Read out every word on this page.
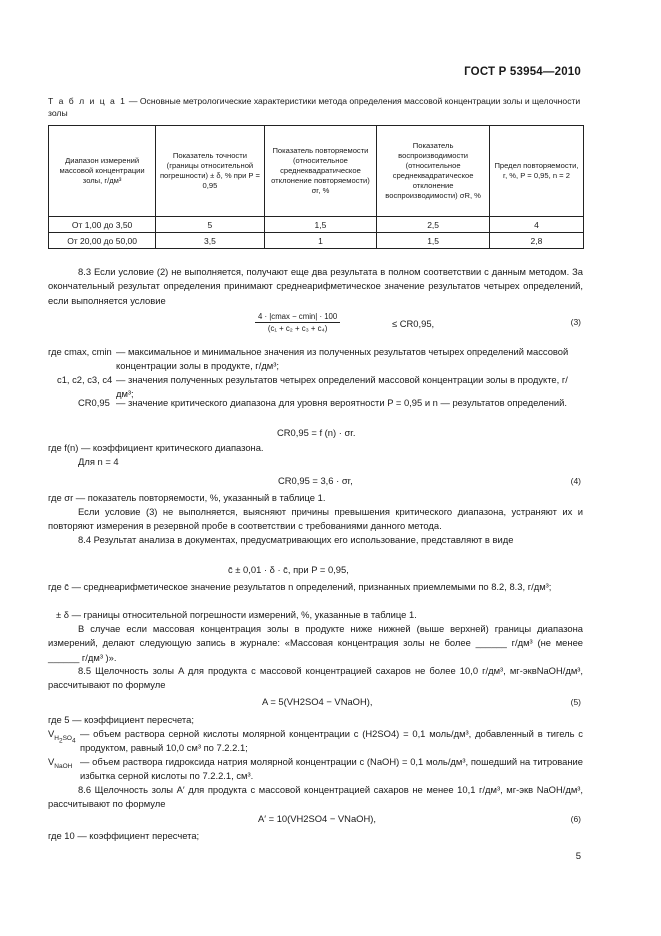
ГОСТ Р 53954—2010
Т а б л и ц а 1 — Основные метрологические характеристики метода определения массовой концентрации золы и щелочности золы
Диапазон измерений массовой концентрации золы, г/дм³	Показатель точности (границы относительной погрешности) ± δ, % при P = 0,95	Показатель повторяемости (относительное среднеквадратическое отклонение повторяемости) σr, %	Показатель воспроизводимости (относительное среднеквадратическое отклонение воспроизводимости) σR, %	Предел повторяемости, r, %, P = 0,95, n = 2
От 1,00 до 3,50	5	1,5	2,5	4
От 20,00 до 50,00	3,5	1	1,5	2,8
8.3 Если условие (2) не выполняется, получают еще два результата в полном соответствии с данным методом. За окончательный результат определения принимают среднеарифметическое значение результатов четырех определений, если выполняется условие
4 · |cmax − cmin| · 100
(c₁ + c₂ + c₃ + c₄)	≤ CR0,95,	(3)
где cmax, cmin — максимальное и минимальное значения из полученных результатов четырех определений массовой концентрации золы в продукте, г/дм³;
c1, c2, c3, c4 — значения полученных результатов четырех определений массовой концентрации золы в продукте, г/дм³;
CR0,95 — значение критического диапазона для уровня вероятности P = 0,95 и n — результатов определений.
CR0,95 = f (n) · σr.
где f(n) — коэффициент критического диапазона.
Для n = 4
CR0,95 = 3,6 · σr,	(4)
где σr — показатель повторяемости, %, указанный в таблице 1.
Если условие (3) не выполняется, выясняют причины превышения критического диапазона, устраняют их и повторяют измерения в резервной пробе в соответствии с требованиями данного метода.
8.4 Результат анализа в документах, предусматривающих его использование, представляют в виде
c̄ ± 0,01 · δ · c̄, при P = 0,95,
где c̄ — среднеарифметическое значение результатов n определений, признанных приемлемыми по 8.2, 8.3, г/дм³;
± δ — границы относительной погрешности измерений, %, указанные в таблице 1.
В случае если массовая концентрация золы в продукте ниже нижней (выше верхней) границы диапазона измерений, делают следующую запись в журнале: «Массовая концентрация золы не более ______ г/дм³ (не менее ______ г/дм³ )».
8.5 Щелочность золы A для продукта с массовой концентрацией сахаров не более 10,0 г/дм³, мг-эквNaOH/дм³, рассчитывают по формуле
A = 5(VH2SO4 − VNaOH),	(5)
где 5 — коэффициент пересчета;
$V_{H_2SO_4}$
— объем раствора серной кислоты молярной концентрации с (H2SO4) = 0,1 моль/дм³, добавленный в тигель с продуктом, равный 10,0 см³ по 7.2.2.1;
$V_{NaOH}$ — объем раствора гидроксида натрия молярной концентрации с (NaOH) = 0,1 моль/дм³, пошедший на титрование избытка серной кислоты по 7.2.2.1, см³.
8.6 Щелочность золы A′ для продукта с массовой концентрацией сахаров не менее 10,1 г/дм³, мг-экв NaOH/дм³, рассчитывают по формуле
A′ = 10(VH2SO4 − VNaOH),	(6)
где 10 — коэффициент пересчета;
5
